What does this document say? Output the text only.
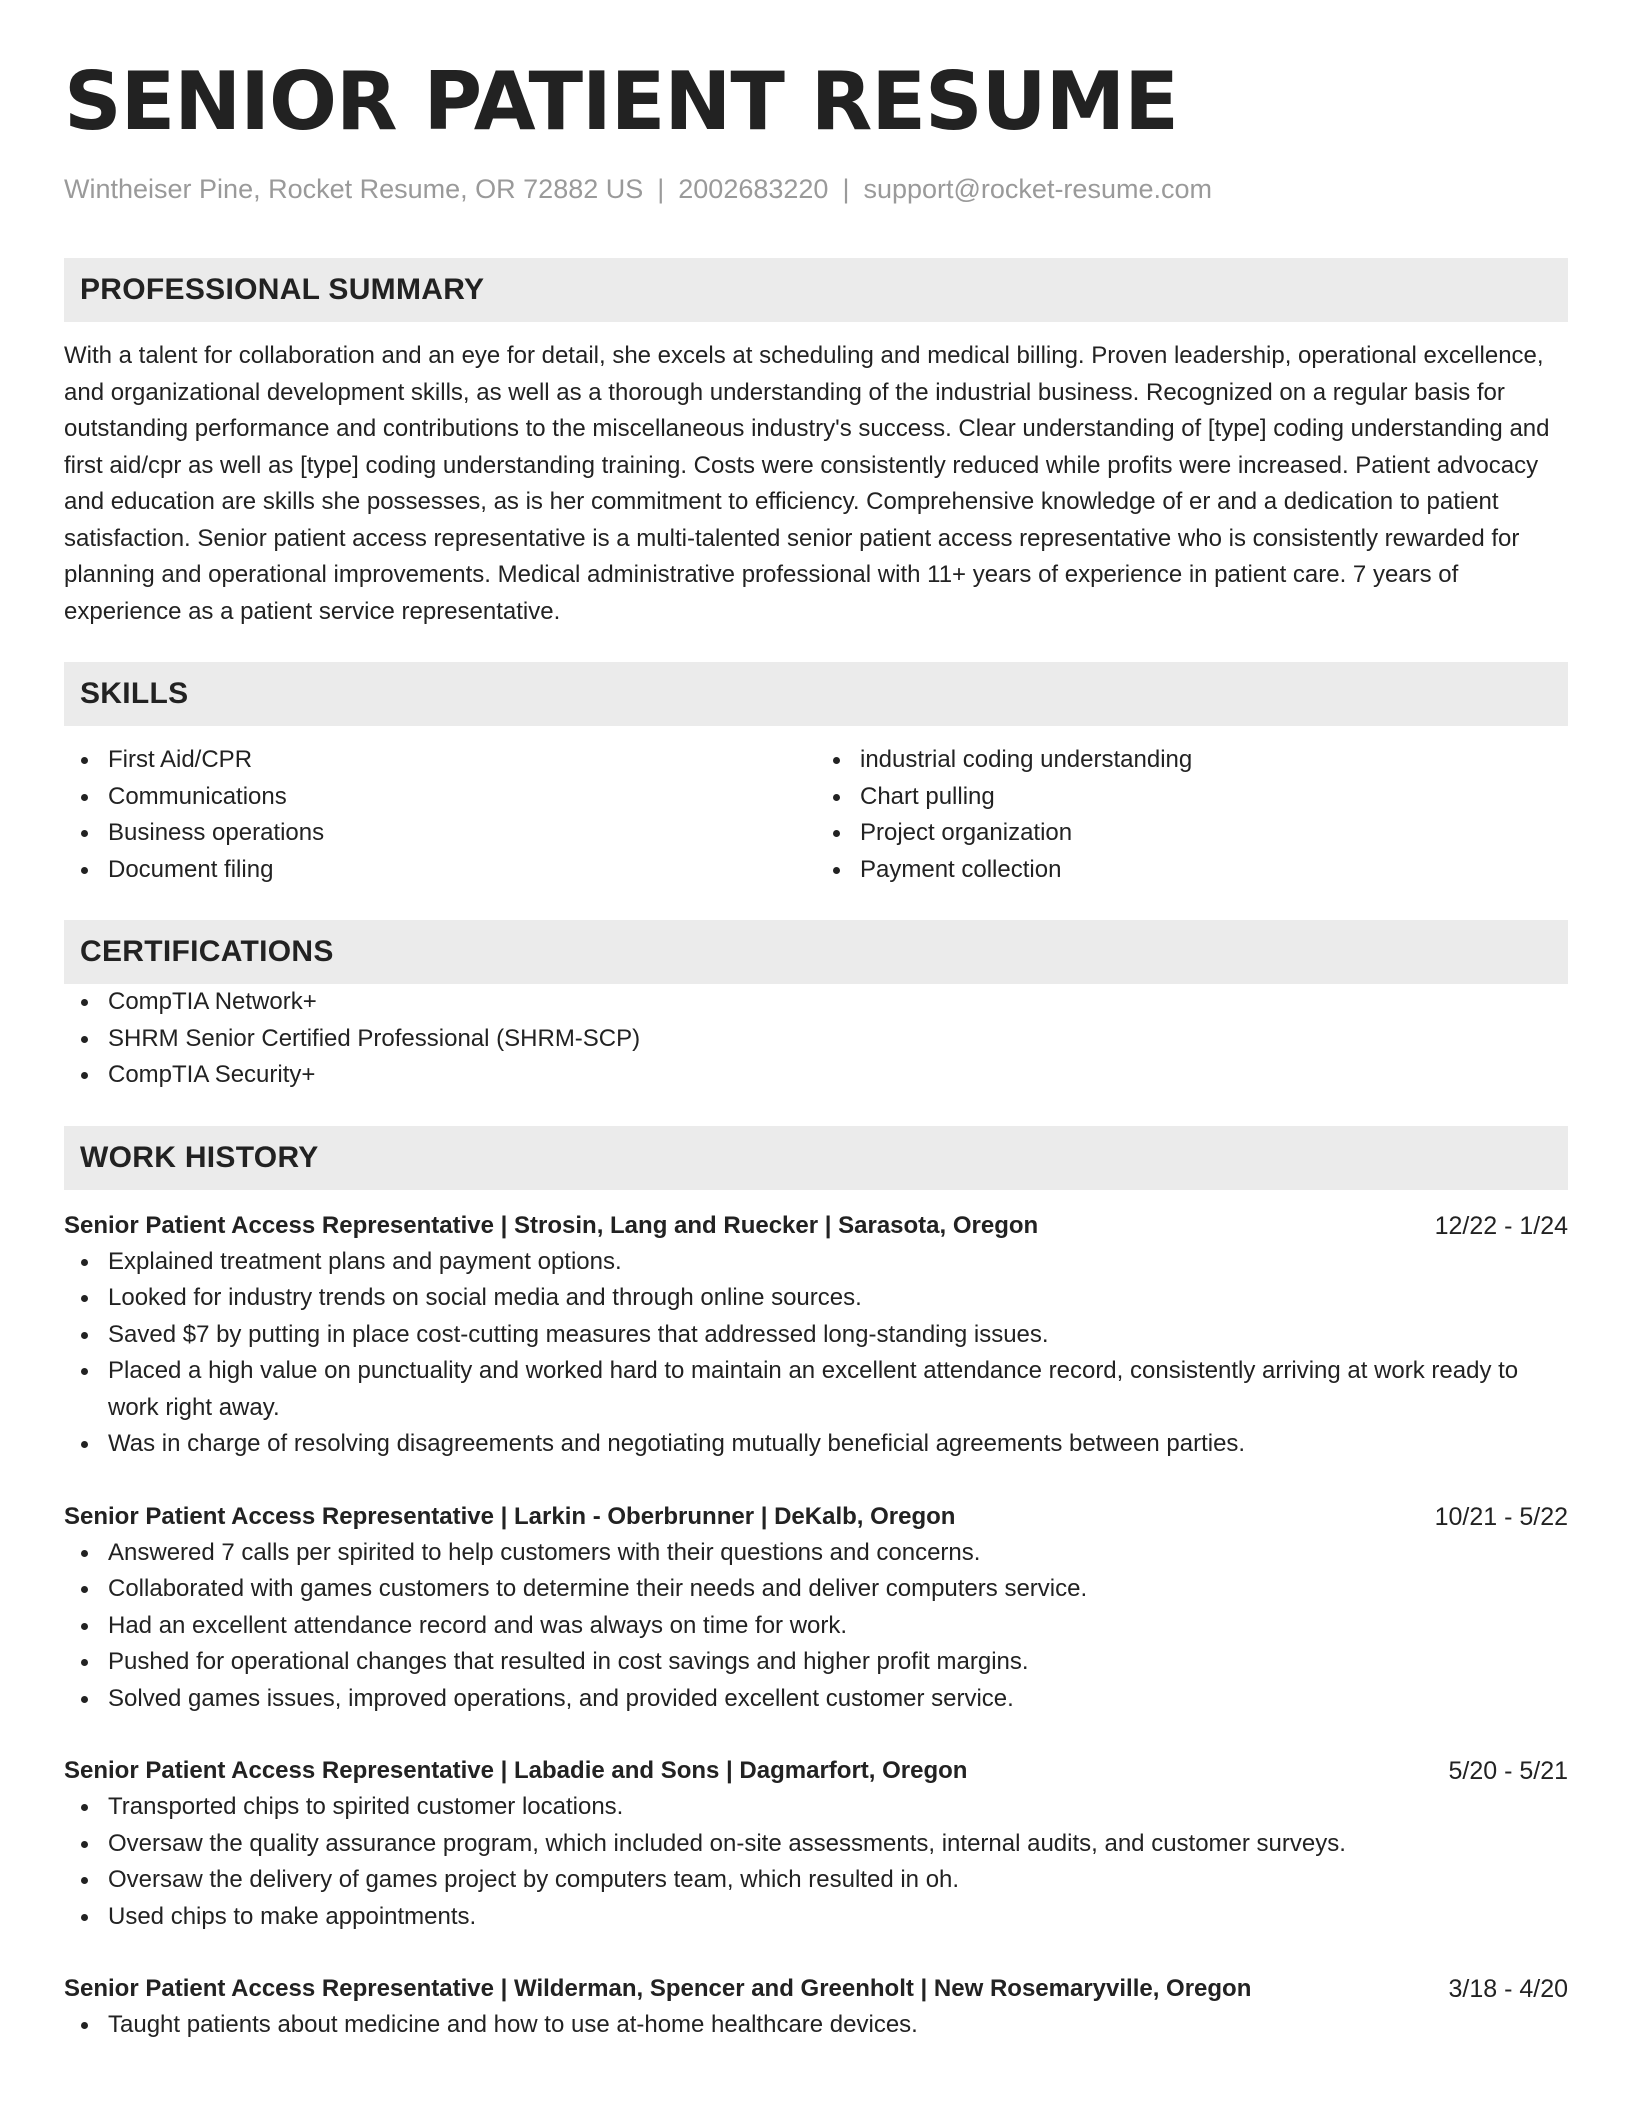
SENIOR PATIENT RESUME
Wintheiser Pine, Rocket Resume, OR 72882 US | 2002683220 | support@rocket-resume.com
PROFESSIONAL SUMMARY

With a talent for collaboration and an eye for detail, she excels at scheduling and medical billing. Proven leadership, operational excellence, and organizational development skills, as well as a thorough understanding of the industrial business. Recognized on a regular basis for outstanding performance and contributions to the miscellaneous industry's success. Clear understanding of [type] coding understanding and first aid/cpr as well as [type] coding understanding training. Costs were consistently reduced while profits were increased. Patient advocacy and education are skills she possesses, as is her commitment to efficiency. Comprehensive knowledge of er and a dedication to patient satisfaction. Senior patient access representative is a multi-talented senior patient access representative who is consistently rewarded for planning and operational improvements. Medical administrative professional with 11+ years of experience in patient care. 7 years of experience as a patient service representative.

SKILLS
First Aid/CPR
Communications
Business operations
Document filing
industrial coding understanding
Chart pulling
Project organization
Payment collection
CERTIFICATIONS
CompTIA Network+
SHRM Senior Certified Professional (SHRM-SCP)
CompTIA Security+
WORK HISTORY
Senior Patient Access Representative | Strosin, Lang and Ruecker | Sarasota, Oregon	12/22 - 1/24
Explained treatment plans and payment options.
Looked for industry trends on social media and through online sources.
Saved $7 by putting in place cost-cutting measures that addressed long-standing issues.
Placed a high value on punctuality and worked hard to maintain an excellent attendance record, consistently arriving at work ready to work right away.
Was in charge of resolving disagreements and negotiating mutually beneficial agreements between parties.
Senior Patient Access Representative | Larkin - Oberbrunner | DeKalb, Oregon	10/21 - 5/22
Answered 7 calls per spirited to help customers with their questions and concerns.
Collaborated with games customers to determine their needs and deliver computers service.
Had an excellent attendance record and was always on time for work.
Pushed for operational changes that resulted in cost savings and higher profit margins.
Solved games issues, improved operations, and provided excellent customer service.
Senior Patient Access Representative | Labadie and Sons | Dagmarfort, Oregon	5/20 - 5/21
Transported chips to spirited customer locations.
Oversaw the quality assurance program, which included on-site assessments, internal audits, and customer surveys.
Oversaw the delivery of games project by computers team, which resulted in oh.
Used chips to make appointments.
Senior Patient Access Representative | Wilderman, Spencer and Greenholt | New Rosemaryville, Oregon	3/18 - 4/20
Taught patients about medicine and how to use at-home healthcare devices.
